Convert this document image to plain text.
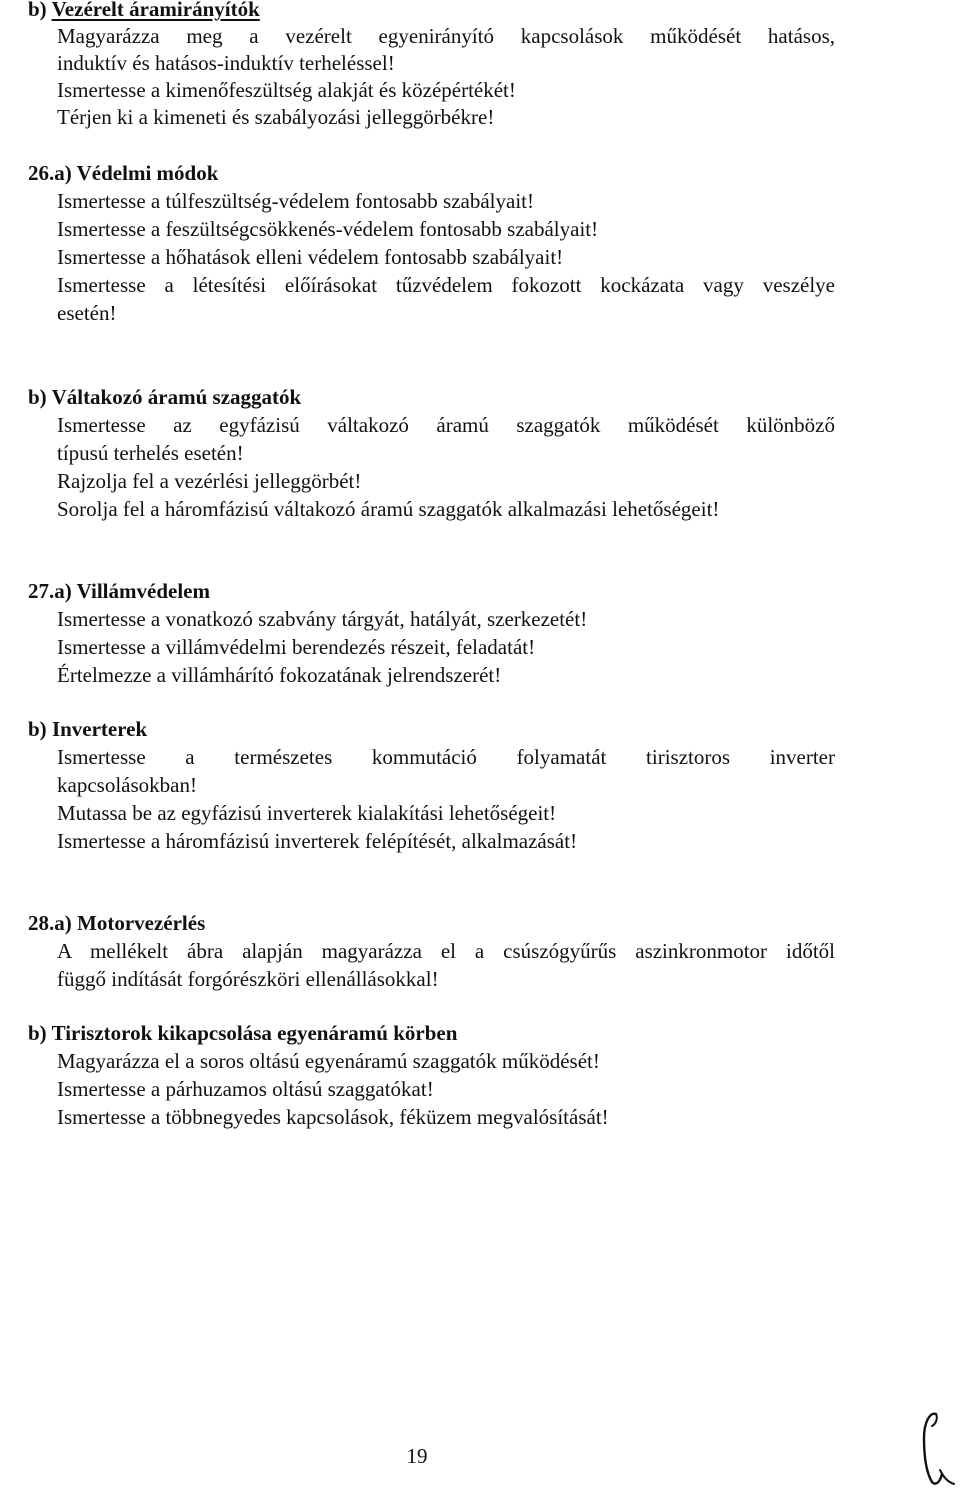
b) Vezérelt áramirányítók
Magyarázza meg a vezérelt egyenirányító kapcsolások működését hatásos,
induktív és hatásos-induktív terheléssel!
Ismertesse a kimenőfeszültség alakját és középértékét!
Térjen ki a kimeneti és szabályozási jelleggörbékre!
26.a) Védelmi módok
Ismertesse a túlfeszültség-védelem fontosabb szabályait!
Ismertesse a feszültségcsökkenés-védelem fontosabb szabályait!
Ismertesse a hőhatások elleni védelem fontosabb szabályait!
Ismertesse a létesítési előírásokat tűzvédelem fokozott kockázata vagy veszélye
esetén!
b) Váltakozó áramú szaggatók
Ismertesse az egyfázisú váltakozó áramú szaggatók működését különböző
típusú terhelés esetén!
Rajzolja fel a vezérlési jelleggörbét!
Sorolja fel a háromfázisú váltakozó áramú szaggatók alkalmazási lehetőségeit!
27.a) Villámvédelem
Ismertesse a vonatkozó szabvány tárgyát, hatályát, szerkezetét!
Ismertesse a villámvédelmi berendezés részeit, feladatát!
Értelmezze a villámhárító fokozatának jelrendszerét!
b) Inverterek
Ismertesse a természetes kommutáció folyamatát tirisztoros inverter
kapcsolásokban!
Mutassa be az egyfázisú inverterek kialakítási lehetőségeit!
Ismertesse a háromfázisú inverterek felépítését, alkalmazását!
28.a) Motorvezérlés
A mellékelt ábra alapján magyarázza el a csúszógyűrűs aszinkronmotor időtől
függő indítását forgórészköri ellenállásokkal!
b) Tirisztorok kikapcsolása egyenáramú körben
Magyarázza el a soros oltású egyenáramú szaggatók működését!
Ismertesse a párhuzamos oltású szaggatókat!
Ismertesse a többnegyedes kapcsolások, féküzem megvalósítását!
19
